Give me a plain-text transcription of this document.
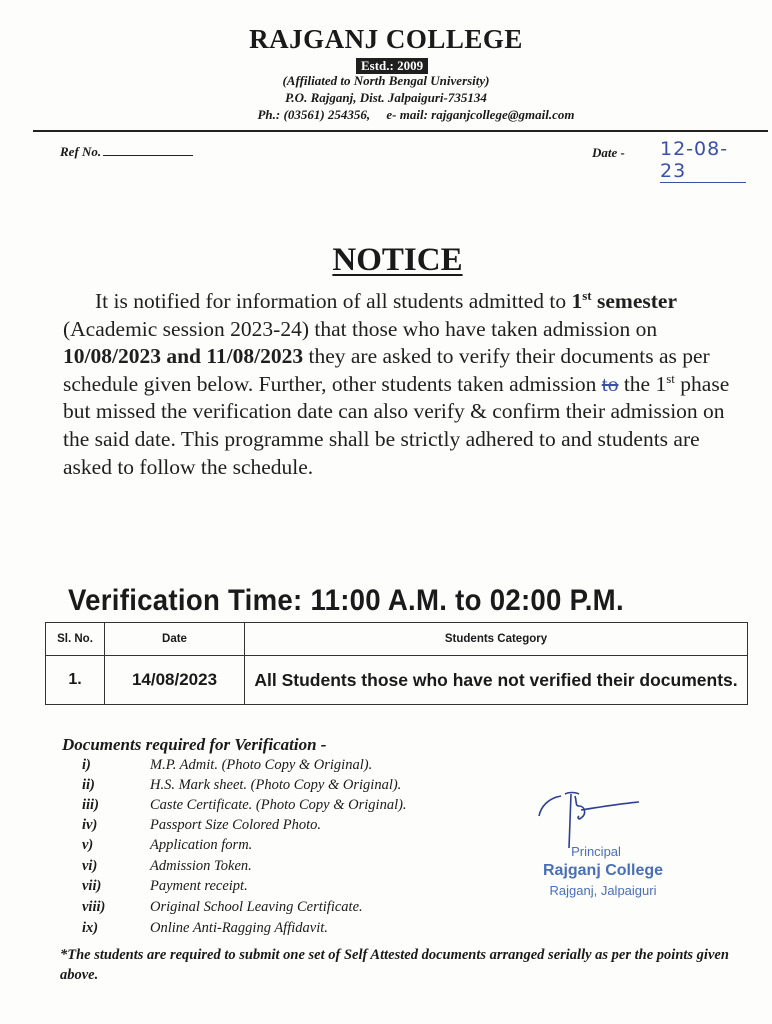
RAJGANJ COLLEGE
Estd.: 2009
(Affiliated to North Bengal University)
P.O. Rajganj, Dist. Jalpaiguri-735134
Ph.: (03561) 254356, e- mail: rajganjcollege@gmail.com
Ref No.	Date - 12-08-23
NOTICE

It is notified for information of all students admitted to 1st semester (Academic session 2023-24) that those who have taken admission on 10/08/2023 and 11/08/2023 they are asked to verify their documents as per schedule given below. Further, other students taken admission to the 1st phase but missed the verification date can also verify & confirm their admission on the said date. This programme shall be strictly adhered to and students are asked to follow the schedule.

Verification Time: 11:00 A.M. to 02:00 P.M.
Sl. No.	Date	Students Category
1.	14/08/2023	All Students those who have not verified their documents.
Documents required for Verification -
i)	M.P. Admit. (Photo Copy & Original).
ii)	H.S. Mark sheet. (Photo Copy & Original).
iii)	Caste Certificate. (Photo Copy & Original).
iv)	Passport Size Colored Photo.
v)	Application form.
vi)	Admission Token.
vii)	Payment receipt.
viii)	Original School Leaving Certificate.
ix)	Online Anti-Ragging Affidavit.
*The students are required to submit one set of Self Attested documents arranged serially as per the points given above.
Principal
Rajganj College
Rajganj, Jalpaiguri
